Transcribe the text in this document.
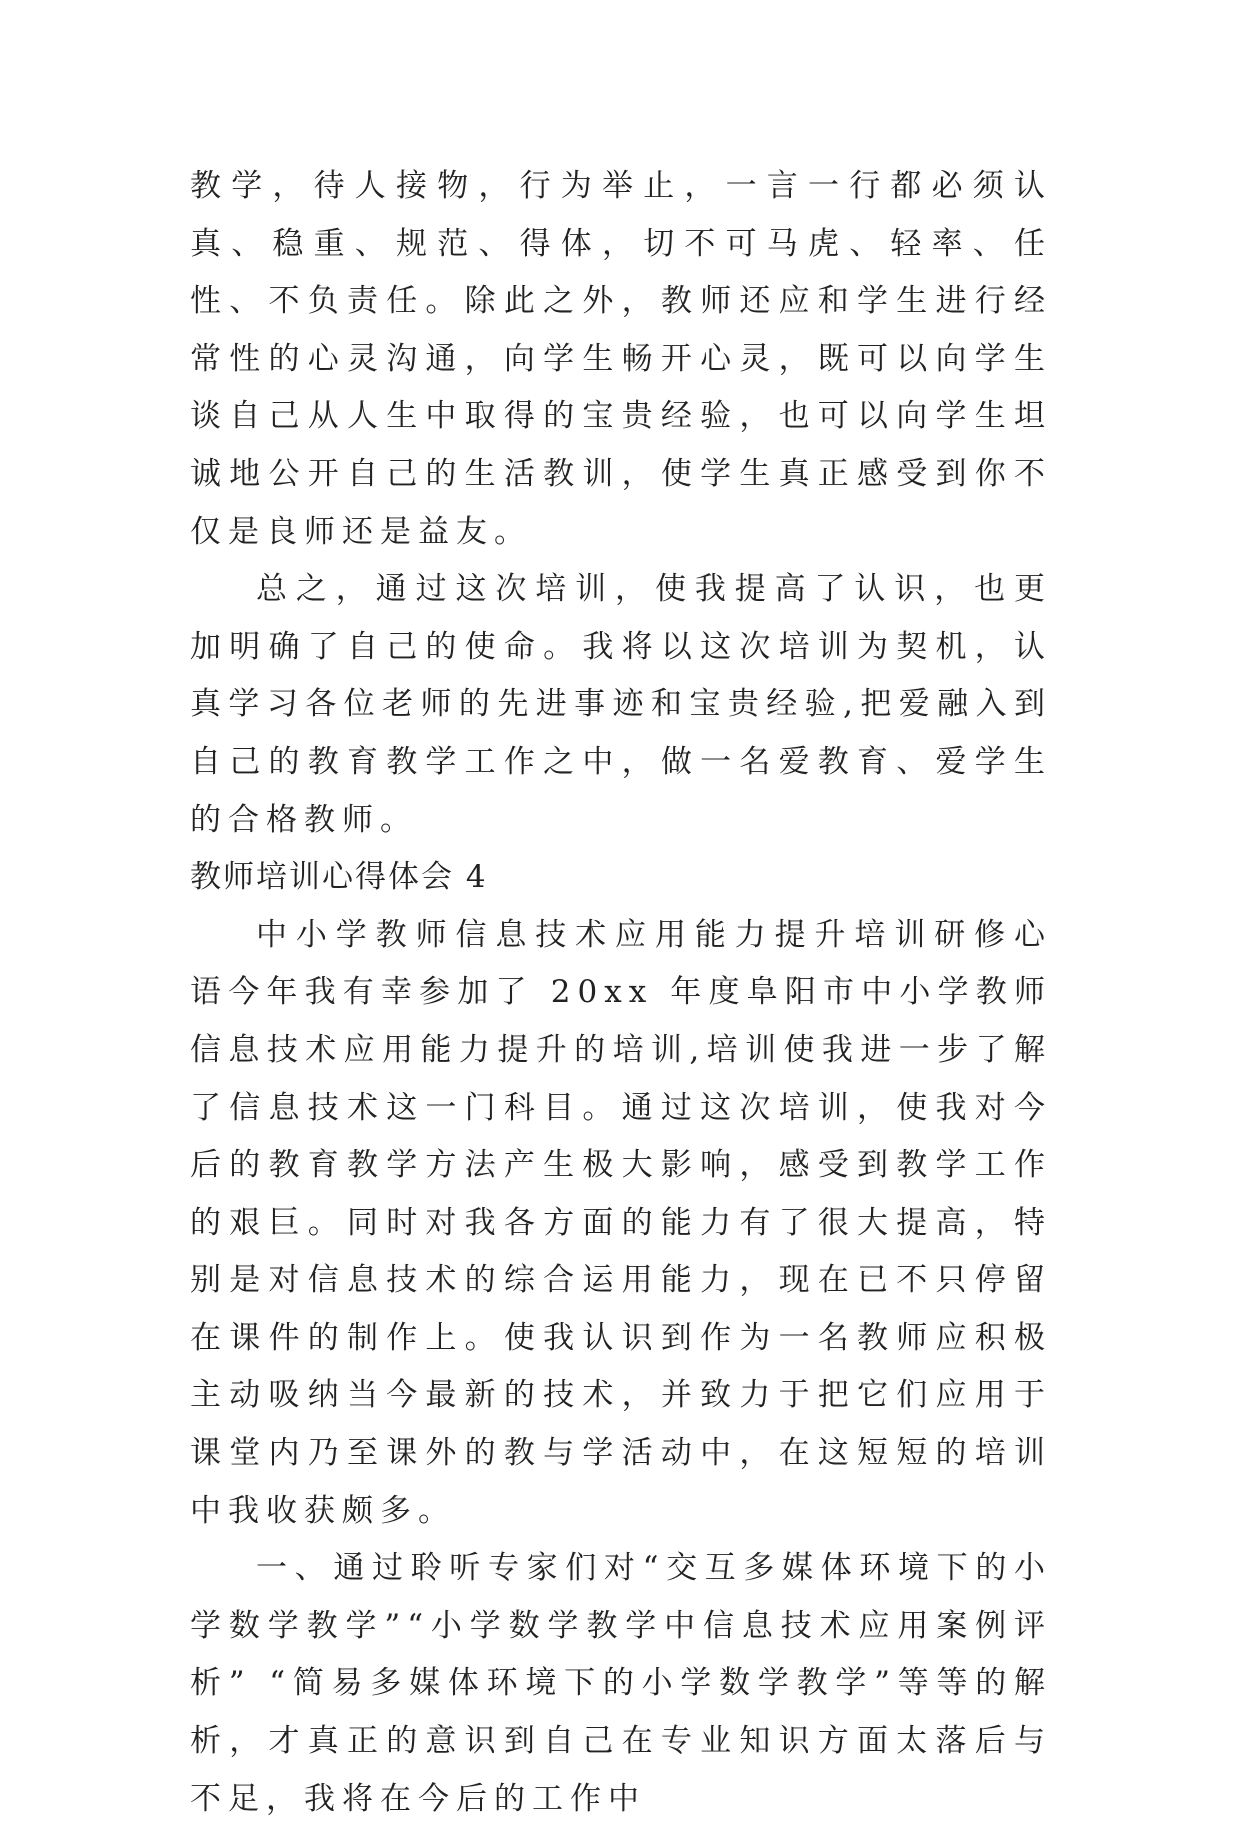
教学，待人接物，行为举止，一言一行都必须认真、稳重、规范、得体，切不可马虎、轻率、任性、不负责任。除此之外，教师还应和学生进行经常性的心灵沟通，向学生畅开心灵，既可以向学生谈自己从人生中取得的宝贵经验，也可以向学生坦诚地公开自己的生活教训，使学生真正感受到你不仅是良师还是益友。

总之，通过这次培训，使我提高了认识，也更加明确了自己的使命。我将以这次培训为契机，认真学习各位老师的先进事迹和宝贵经验,把爱融入到自己的教育教学工作之中，做一名爱教育、爱学生的合格教师。

教师培训心得体会 4

中小学教师信息技术应用能力提升培训研修心语今年我有幸参加了 20xx 年度阜阳市中小学教师信息技术应用能力提升的培训,培训使我进一步了解了信息技术这一门科目。通过这次培训，使我对今后的教育教学方法产生极大影响，感受到教学工作的艰巨。同时对我各方面的能力有了很大提高，特别是对信息技术的综合运用能力，现在已不只停留在课件的制作上。使我认识到作为一名教师应积极主动吸纳当今最新的技术，并致力于把它们应用于课堂内乃至课外的教与学活动中，在这短短的培训中我收获颇多。

一、通过聆听专家们对“交互多媒体环境下的小学数学教学”“小学数学教学中信息技术应用案例评析” “简易多媒体环境下的小学数学教学”等等的解析，才真正的意识到自己在专业知识方面太落后与不足，我将在今后的工作中
